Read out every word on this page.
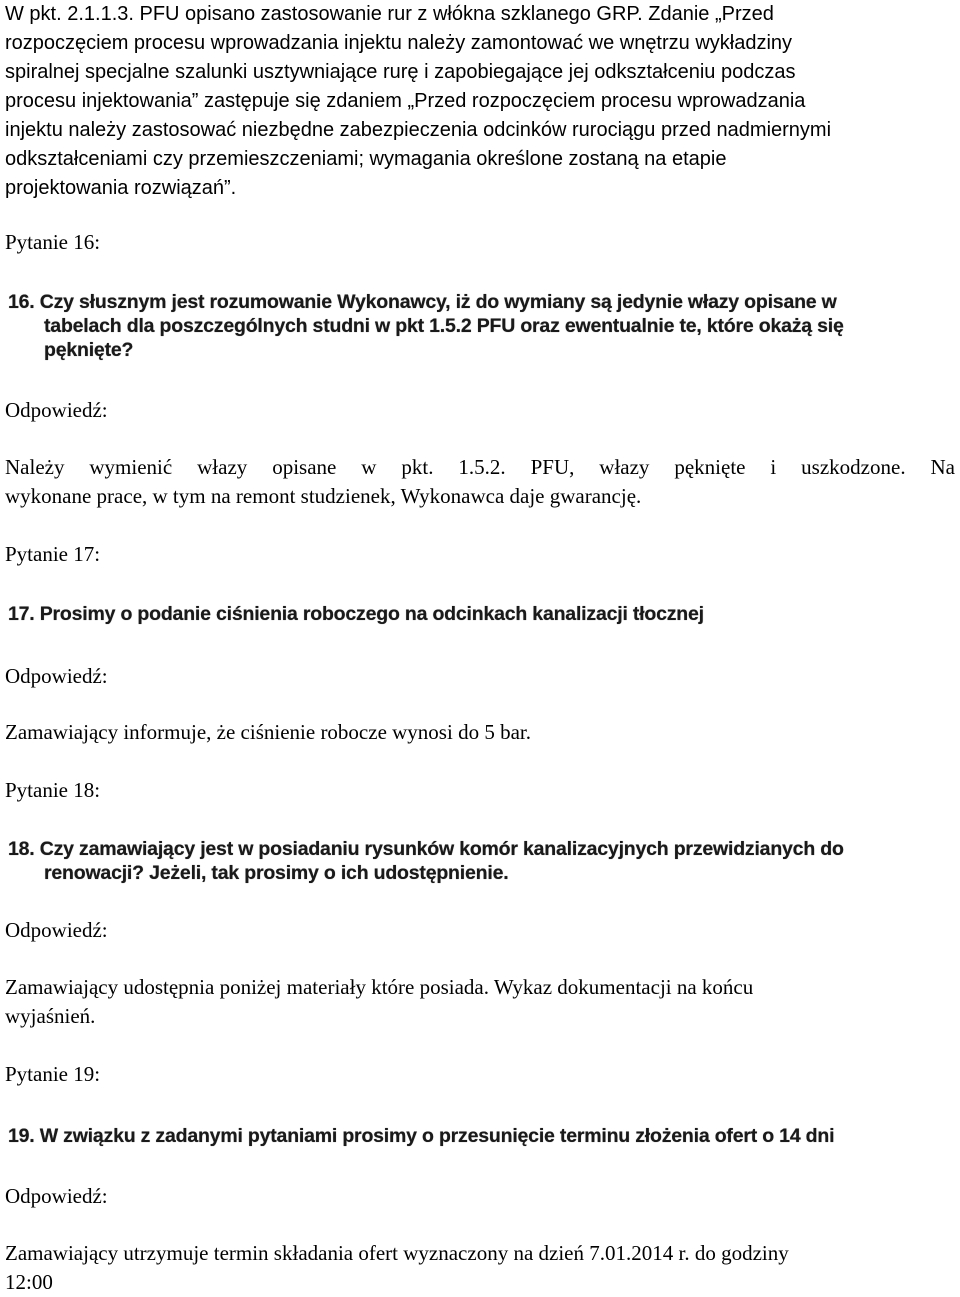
W pkt. 2.1.1.3. PFU opisano zastosowanie rur z włókna szklanego GRP. Zdanie „Przed
rozpoczęciem procesu wprowadzania injektu należy zamontować we wnętrzu wykładziny
spiralnej specjalne szalunki usztywniające rurę i zapobiegające jej odkształceniu podczas
procesu injektowania” zastępuje się zdaniem „Przed rozpoczęciem procesu wprowadzania
injektu należy zastosować niezbędne zabezpieczenia odcinków rurociągu przed nadmiernymi
odkształceniami czy przemieszczeniami; wymagania określone zostaną na etapie
projektowania rozwiązań”.
Pytanie 16:
16. Czy słusznym jest rozumowanie Wykonawcy, iż do wymiany są jedynie włazy opisane w
tabelach dla poszczególnych studni w pkt 1.5.2 PFU oraz ewentualnie te, które okażą się
pęknięte?
Odpowiedź:
Należy wymienić włazy opisane w pkt. 1.5.2. PFU, włazy pęknięte i uszkodzone. Na
wykonane prace, w tym na remont studzienek, Wykonawca daje gwarancję.
Pytanie 17:
17. Prosimy o podanie ciśnienia roboczego na odcinkach kanalizacji tłocznej
Odpowiedź:
Zamawiający informuje, że ciśnienie robocze wynosi do 5 bar.
Pytanie 18:
18. Czy zamawiający jest w posiadaniu rysunków komór kanalizacyjnych przewidzianych do
renowacji? Jeżeli, tak prosimy o ich udostępnienie.
Odpowiedź:
Zamawiający udostępnia poniżej materiały które posiada. Wykaz dokumentacji na końcu
wyjaśnień.
Pytanie 19:
19. W związku z zadanymi pytaniami prosimy o przesunięcie terminu złożenia ofert o 14 dni
Odpowiedź:
Zamawiający utrzymuje termin składania ofert wyznaczony na dzień 7.01.2014 r. do godziny
12:00
